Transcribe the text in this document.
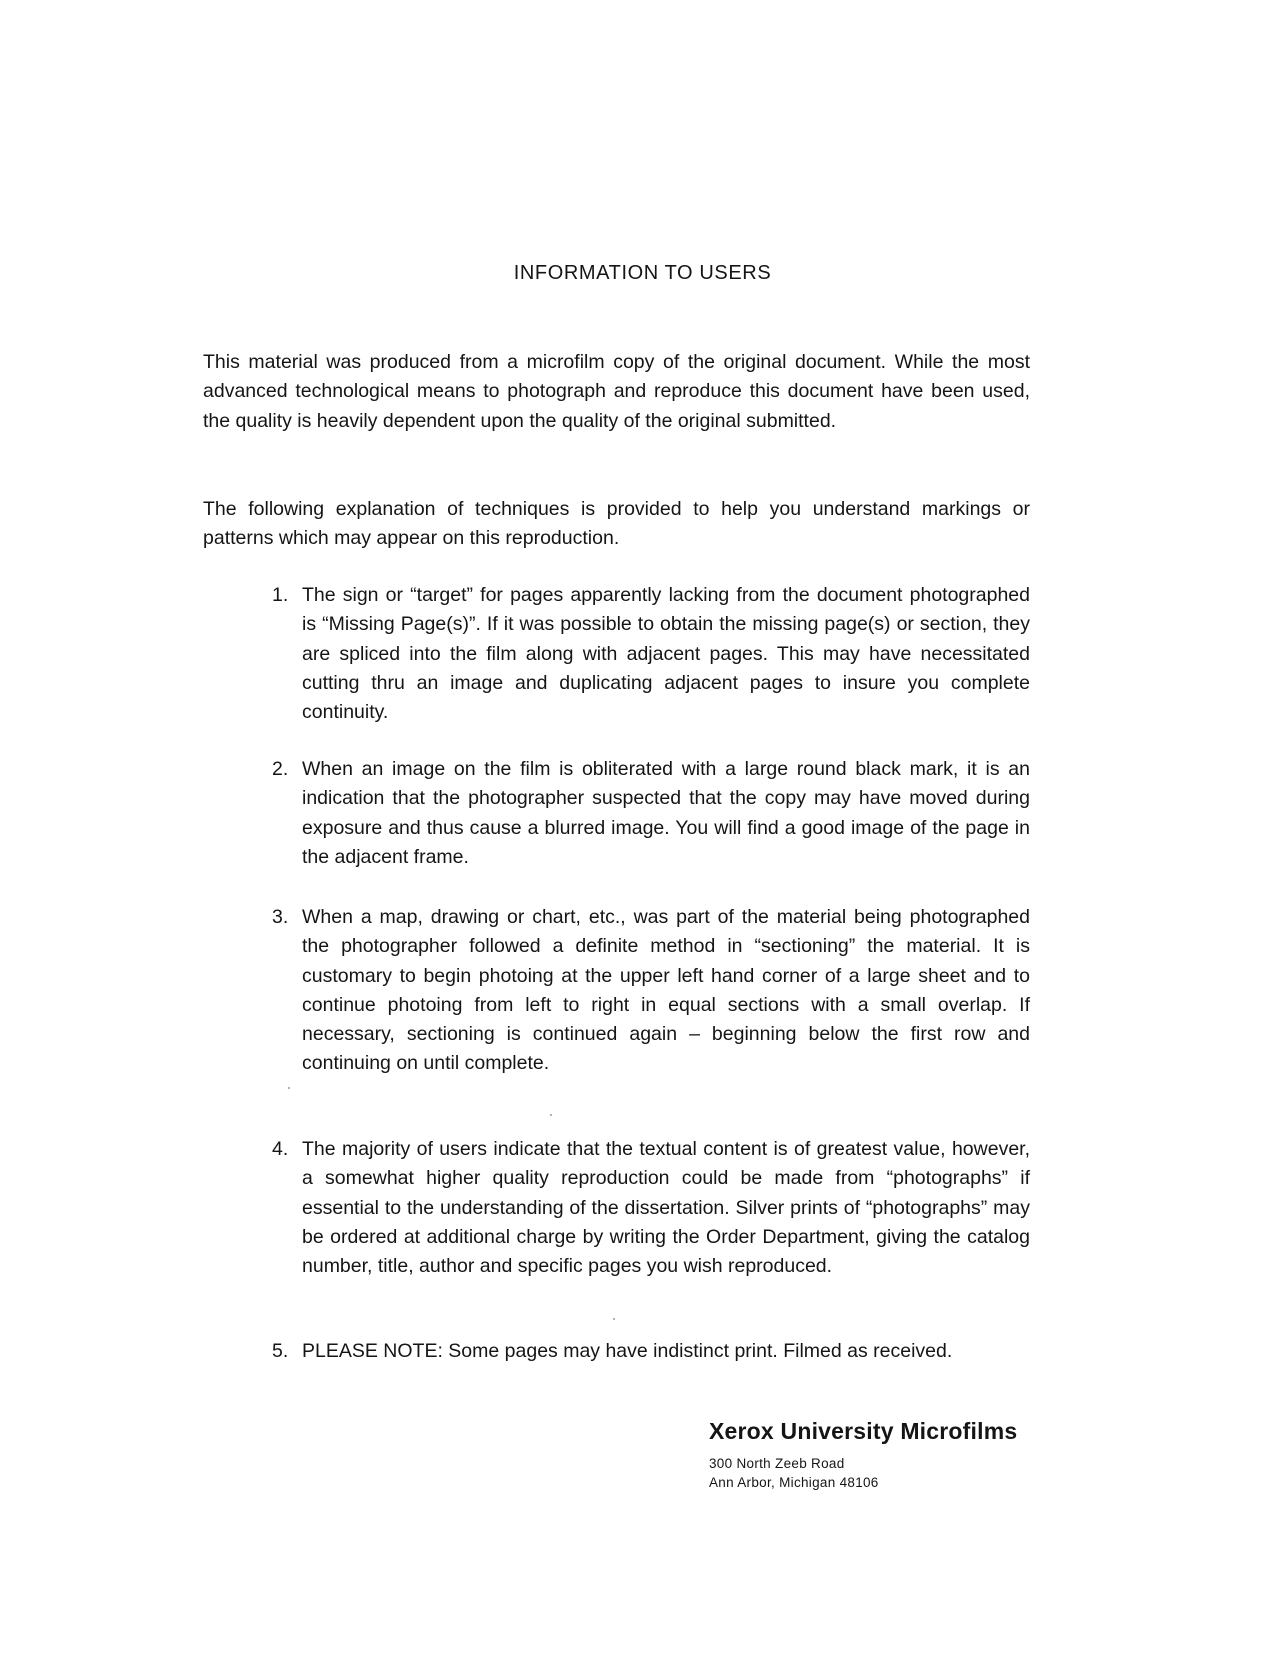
INFORMATION TO USERS

This material was produced from a microfilm copy of the original document. While the most advanced technological means to photograph and reproduce this document have been used, the quality is heavily dependent upon the quality of the original submitted.

The following explanation of techniques is provided to help you understand markings or patterns which may appear on this reproduction.

1. The sign or “target” for pages apparently lacking from the document photographed is “Missing Page(s)”. If it was possible to obtain the missing page(s) or section, they are spliced into the film along with adjacent pages. This may have necessitated cutting thru an image and duplicating adjacent pages to insure you complete continuity.
2. When an image on the film is obliterated with a large round black mark, it is an indication that the photographer suspected that the copy may have moved during exposure and thus cause a blurred image. You will find a good image of the page in the adjacent frame.
3. When a map, drawing or chart, etc., was part of the material being photographed the photographer followed a definite method in “sectioning” the material. It is customary to begin photoing at the upper left hand corner of a large sheet and to continue photoing from left to right in equal sections with a small overlap. If necessary, sectioning is continued again – beginning below the first row and continuing on until complete.
4. The majority of users indicate that the textual content is of greatest value, however, a somewhat higher quality reproduction could be made from “photographs” if essential to the understanding of the dissertation. Silver prints of “photographs” may be ordered at additional charge by writing the Order Department, giving the catalog number, title, author and specific pages you wish reproduced.
5. PLEASE NOTE: Some pages may have indistinct print. Filmed as received.
Xerox University Microfilms
300 North Zeeb Road
Ann Arbor, Michigan 48106
